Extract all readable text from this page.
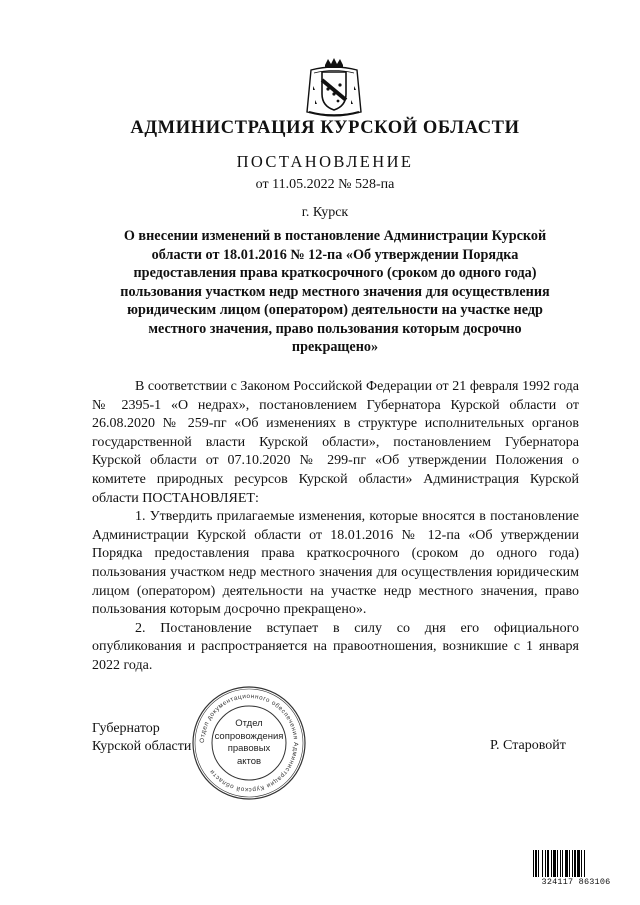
АДМИНИСТРАЦИЯ КУРСКОЙ ОБЛАСТИ
ПОСТАНОВЛЕНИЕ
от 11.05.2022 № 528-па
г. Курск
О внесении изменений в постановление Администрации Курской
области от 18.01.2016 № 12-па «Об утверждении Порядка
предоставления права краткосрочного (сроком до одного года)
пользования участком недр местного значения для осуществления
юридическим лицом (оператором) деятельности на участке недр
местного значения, право пользования которым досрочно
прекращено»

В соответствии с Законом Российской Федерации от 21 февраля 1992 года № 2395-1 «О недрах», постановлением Губернатора Курской области от 26.08.2020 № 259-пг «Об изменениях в структуре исполнительных органов государственной власти Курской области», постановлением Губернатора Курской области от 07.10.2020 № 299-пг «Об утверждении Положения о комитете природных ресурсов Курской области» Администрация Курской области ПОСТАНОВЛЯЕТ:

1. Утвердить прилагаемые изменения, которые вносятся в постановление Администрации Курской области от 18.01.2016 № 12-па «Об утверждении Порядка предоставления права краткосрочного (сроком до одного года) пользования участком недр местного значения для осуществления юридическим лицом (оператором) деятельности на участке недр местного значения, право пользования которым досрочно прекращено».

2. Постановление вступает в силу со дня его официального опубликования и распространяется на правоотношения, возникшие с 1 января 2022 года.

Губернатор
Курской области Отдел документационного обеспечения Администрации Курской области
Отдел
сопровождения
правовых
актов
Р. Старовойт
324117 863106
